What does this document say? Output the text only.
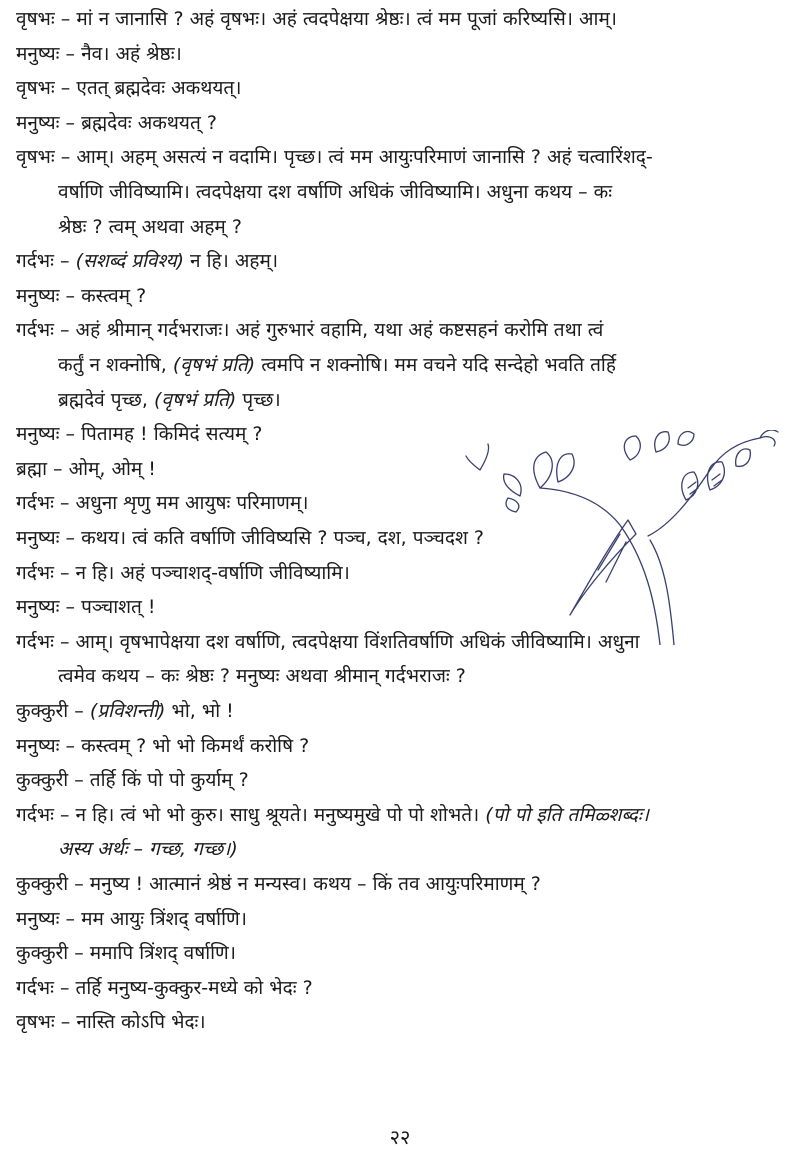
वृषभः – मां न जानासि ? अहं वृषभः। अहं त्वदपेक्षया श्रेष्ठः। त्वं मम पूजां करिष्यसि। आम्।

मनुष्यः – नैव। अहं श्रेष्ठः।

वृषभः – एतत् ब्रह्मदेवः अकथयत्।

मनुष्यः – ब्रह्मदेवः अकथयत् ?

वृषभः – आम्। अहम् असत्यं न वदामि। पृच्छ। त्वं मम आयुःपरिमाणं जानासि ? अहं चत्वारिंशद्-

वर्षाणि जीविष्यामि। त्वदपेक्षया दश वर्षाणि अधिकं जीविष्यामि। अधुना कथय – कः

श्रेष्ठः ? त्वम् अथवा अहम् ?

गर्दभः – (सशब्दं प्रविश्य) न हि। अहम्।

मनुष्यः – कस्त्वम् ?

गर्दभः – अहं श्रीमान् गर्दभराजः। अहं गुरुभारं वहामि, यथा अहं कष्टसहनं करोमि तथा त्वं

कर्तुं न शक्नोषि, (वृषभं प्रति) त्वमपि न शक्नोषि। मम वचने यदि सन्देहो भवति तर्हि

ब्रह्मदेवं पृच्छ, (वृषभं प्रति) पृच्छ।

मनुष्यः – पितामह ! किमिदं सत्यम् ?

ब्रह्मा – ओम्, ओम् !

गर्दभः – अधुना शृणु मम आयुषः परिमाणम्।

मनुष्यः – कथय। त्वं कति वर्षाणि जीविष्यसि ? पञ्च, दश, पञ्चदश ?

गर्दभः – न हि। अहं पञ्चाशद्-वर्षाणि जीविष्यामि।

मनुष्यः – पञ्चाशत् !

गर्दभः – आम्। वृषभापेक्षया दश वर्षाणि, त्वदपेक्षया विंशतिवर्षाणि अधिकं जीविष्यामि। अधुना

त्वमेव कथय – कः श्रेष्ठः ? मनुष्यः अथवा श्रीमान् गर्दभराजः ?

कुक्कुरी – (प्रविशन्ती) भो, भो !

मनुष्यः – कस्त्वम् ? भो भो किमर्थं करोषि ?

कुक्कुरी – तर्हि किं पो पो कुर्याम् ?

गर्दभः – न हि। त्वं भो भो कुरु। साधु श्रूयते। मनुष्यमुखे पो पो शोभते। (पो पो इति तमिळ्शब्दः।

अस्य अर्थः – गच्छ, गच्छ।)

कुक्कुरी – मनुष्य ! आत्मानं श्रेष्ठं न मन्यस्व। कथय – किं तव आयुःपरिमाणम् ?

मनुष्यः – मम आयुः त्रिंशद् वर्षाणि।

कुक्कुरी – ममापि त्रिंशद् वर्षाणि।

गर्दभः – तर्हि मनुष्य-कुक्कुर-मध्ये को भेदः ?

वृषभः – नास्ति कोऽपि भेदः।

२२
